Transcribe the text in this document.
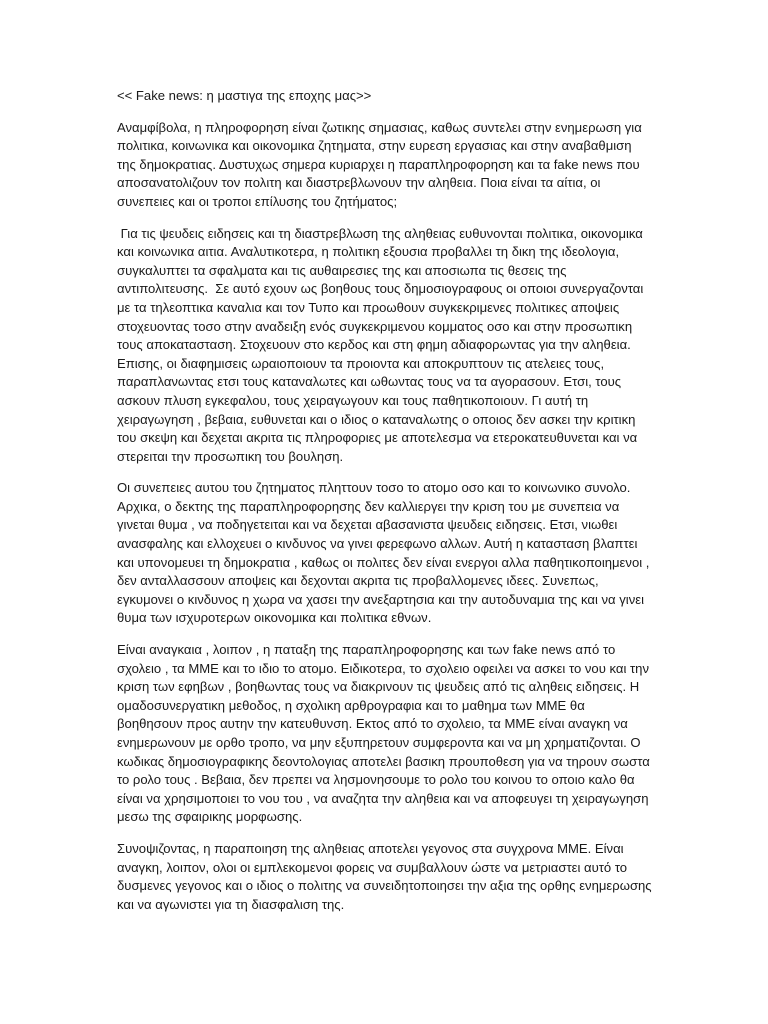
<< Fake news: η μαστιγα της εποχης μας>>

Αναμφίβολα, η πληροφορηση είναι ζωτικης σημασιας, καθως συντελει στην ενημερωση για πολιτικα, κοινωνικα και οικονομικα ζητηματα, στην ευρεση εργασιας και στην αναβαθμιση της δημοκρατιας. Δυστυχως σημερα κυριαρχει η παραπληροφορηση και τα fake news που αποσανατολιζουν τον πολιτη και διαστρεβλωνουν την αληθεια. Ποια είναι τα αίτια, οι συνεπειες και οι τροποι επίλυσης του ζητήματος;

Για τις ψευδεις ειδησεις και τη διαστρεβλωση της αληθειας ευθυνονται πολιτικα, οικονομικα και κοινωνικα αιτια. Αναλυτικοτερα, η πολιτικη εξουσια προβαλλει τη δικη της ιδεολογια, συγκαλυπτει τα σφαλματα και τις αυθαιρεσιες της και αποσιωπα τις θεσεις της αντιπολιτευσης.  Σε αυτό εχουν ως βοηθους τους δημοσιογραφους οι οποιοι συνεργαζονται με τα τηλεοπτικα καναλια και τον Τυπο και προωθουν συγκεκριμενες πολιτικες αποψεις στοχευοντας τοσο στην αναδειξη ενός συγκεκριμενου κομματος οσο και στην προσωπικη τους αποκατασταση. Στοχευουν στο κερδος και στη φημη αδιαφορωντας για την αληθεια. Επισης, οι διαφημισεις ωραιοποιουν τα προιοντα και αποκρυπτουν τις ατελειες τους, παραπλανωντας ετσι τους καταναλωτες και ωθωντας τους να τα αγορασουν. Ετσι, τους ασκουν πλυση εγκεφαλου, τους χειραγωγουν και τους παθητικοποιουν. Γι αυτή τη χειραγωγηση , βεβαια, ευθυνεται και ο ιδιος ο καταναλωτης ο οποιος δεν ασκει την κριτικη του σκεψη και δεχεται ακριτα τις πληροφοριες με αποτελεσμα να ετεροκατευθυνεται και να στερειται την προσωπικη του βουληση.

Οι συνεπειες αυτου του ζητηματος πληττουν τοσο το ατομο οσο και το κοινωνικο συνολο. Αρχικα, ο δεκτης της παραπληροφορησης δεν καλλιεργει την κριση του με συνεπεια να γινεται θυμα , να ποδηγετειται και να δεχεται αβασανιστα ψευδεις ειδησεις. Ετσι, νιωθει ανασφαλης και ελλοχευει ο κινδυνος να γινει φερεφωνο αλλων. Αυτή η κατασταση βλαπτει και υπονομευει τη δημοκρατια , καθως οι πολιτες δεν είναι ενεργοι αλλα παθητικοποιημενοι , δεν ανταλλασσουν αποψεις και δεχονται ακριτα τις προβαλλομενες ιδεες. Συνεπως, εγκυμονει ο κινδυνος η χωρα να χασει την ανεξαρτησια και την αυτοδυναμια της και να γινει θυμα των ισχυροτερων οικονομικα και πολιτικα εθνων.

Είναι αναγκαια , λοιπον , η παταξη της παραπληροφορησης και των fake news από το σχολειο , τα ΜΜΕ και το ιδιο το ατομο. Ειδικοτερα, το σχολειο οφειλει να ασκει το νου και την κριση των εφηβων , βοηθωντας τους να διακρινουν τις ψευδεις από τις αληθεις ειδησεις. Η ομαδοσυνεργατικη μεθοδος, η σχολικη αρθρογραφια και το μαθημα των ΜΜΕ θα βοηθησουν προς αυτην την κατευθυνση. Εκτος από το σχολειο, τα ΜΜΕ είναι αναγκη να ενημερωνουν με ορθο τροπο, να μην εξυπηρετουν συμφεροντα και να μη χρηματιζονται. Ο κωδικας δημοσιογραφικης δεοντολογιας αποτελει βασικη προυποθεση για να τηρουν σωστα το ρολο τους . Βεβαια, δεν πρεπει να λησμονησουμε το ρολο του κοινου το οποιο καλο θα είναι να χρησιμοποιει το νου του , να αναζητα την αληθεια και να αποφευγει τη χειραγωγηση μεσω της σφαιρικης μορφωσης.

Συνοψιζοντας, η παραποιηση της αληθειας αποτελει γεγονος στα συγχρονα ΜΜΕ. Είναι αναγκη, λοιπον, ολοι οι εμπλεκομενοι φορεις να συμβαλλουν ώστε να μετριαστει αυτό το δυσμενες γεγονος και ο ιδιος ο πολιτης να συνειδητοποιησει την αξια της ορθης ενημερωσης και να αγωνιστει για τη διασφαλιση της.
